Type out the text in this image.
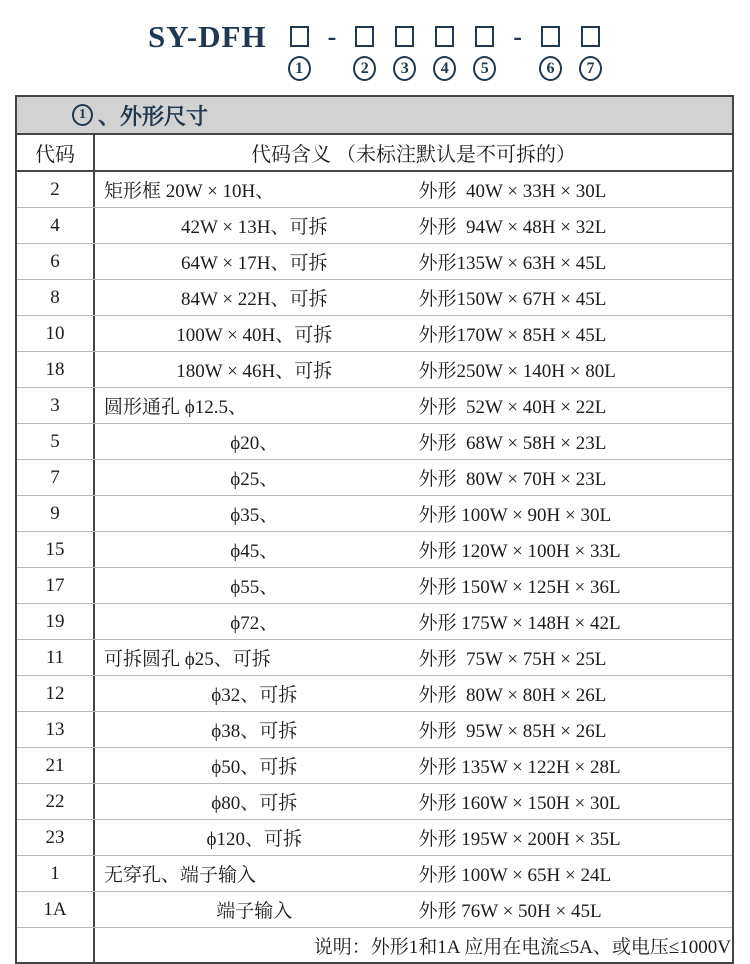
SY-DFH
1
-
2	3	4	5
-
6	7
1 、外形尺寸
代码	代码含义 （未标注默认是不可拆的）
2	矩形框 20W × 10H、	外形  40W × 33H × 30L
4	42W × 13H、可拆	外形  94W × 48H × 32L
6	64W × 17H、可拆	外形135W × 63H × 45L
8	84W × 22H、可拆	外形150W × 67H × 45L
10	100W × 40H、可拆	外形170W × 85H × 45L
18	180W × 46H、可拆	外形250W × 140H × 80L
3	圆形通孔 ϕ12.5、	外形  52W × 40H × 22L
5	ϕ20、	外形  68W × 58H × 23L
7	ϕ25、	外形  80W × 70H × 23L
9	ϕ35、	外形 100W × 90H × 30L
15	ϕ45、	外形 120W × 100H × 33L
17	ϕ55、	外形 150W × 125H × 36L
19	ϕ72、	外形 175W × 148H × 42L
11	可拆圆孔 ϕ25、可拆	外形  75W × 75H × 25L
12	ϕ32、可拆	外形  80W × 80H × 26L
13	ϕ38、可拆	外形  95W × 85H × 26L
21	ϕ50、可拆	外形 135W × 122H × 28L
22	ϕ80、可拆	外形 160W × 150H × 30L
23	ϕ120、可拆	外形 195W × 200H × 35L
1	无穿孔、端子输入	外形 100W × 65H × 24L
1A	端子输入	外形 76W × 50H × 45L
说明：外形1和1A 应用在电流≤5A、或电压≤1000V
